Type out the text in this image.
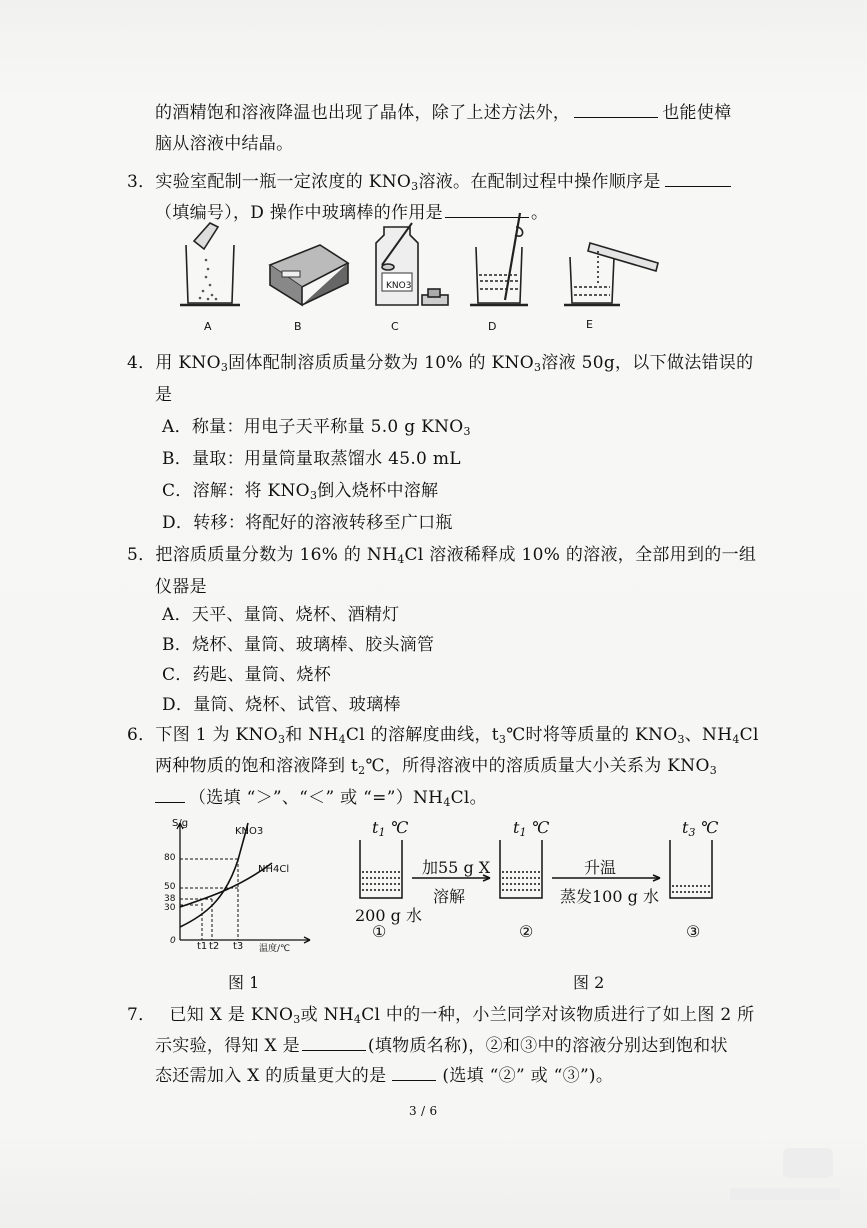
的酒精饱和溶液降温也出现了晶体，除了上述方法外，	也能使樟
脑从溶液中结晶。
3．实验室配制一瓶一定浓度的 $KNO_3$溶液。在配制过程中操作顺序是
（填编号），D 操作中玻璃棒的作用是	。
A	B	C	D	E
KNO3
4．用 $KNO_3$固体配制溶质质量分数为 10% 的 $KNO_3$溶液 50g，以下做法错误的
是
A．称量：用电子天平称量 5.0 g $KNO_3$
B．量取：用量筒量取蒸馏水 45.0 mL
C．溶解：将 $KNO_3$倒入烧杯中溶解
D．转移：将配好的溶液转移至广口瓶
5．把溶质质量分数为 16% 的 $NH_4Cl$ 溶液稀释成 10% 的溶液，全部用到的一组
仪器是
A．天平、量筒、烧杯、酒精灯
B．烧杯、量筒、玻璃棒、胶头滴管
C．药匙、量筒、烧杯
D．量筒、烧杯、试管、玻璃棒
6．下图 1 为 $KNO_3$和 $NH_4Cl$ 的溶解度曲线，$t_3℃$时将等质量的 $KNO_3$、$NH_4Cl$
两种物质的饱和溶液降到 $t_2℃$，所得溶液中的溶质质量大小关系为 $KNO_3$
（选填 “＞”、“＜” 或 “$=”)NH_4Cl$。
S/g
KNO3
NH4Cl
80
50
38
30
0 t1 t2 t3 温度/℃
图 1
$t_1$ ℃	$t_1$ ℃	$t_3$ ℃
加55 g X
溶解
升温
蒸发100 g 水
200 g 水
①	②	③
图 2
7． 已知 X 是 $KNO_3$或 $NH_4Cl$ 中的一种，小兰同学对该物质进行了如上图 2 所
示实验，得知 X 是	(填物质名称)，②和③中的溶液分别达到饱和状
态还需加入 X 的质量更大的是	(选填 “②” 或 “③”)。
3 / 6
